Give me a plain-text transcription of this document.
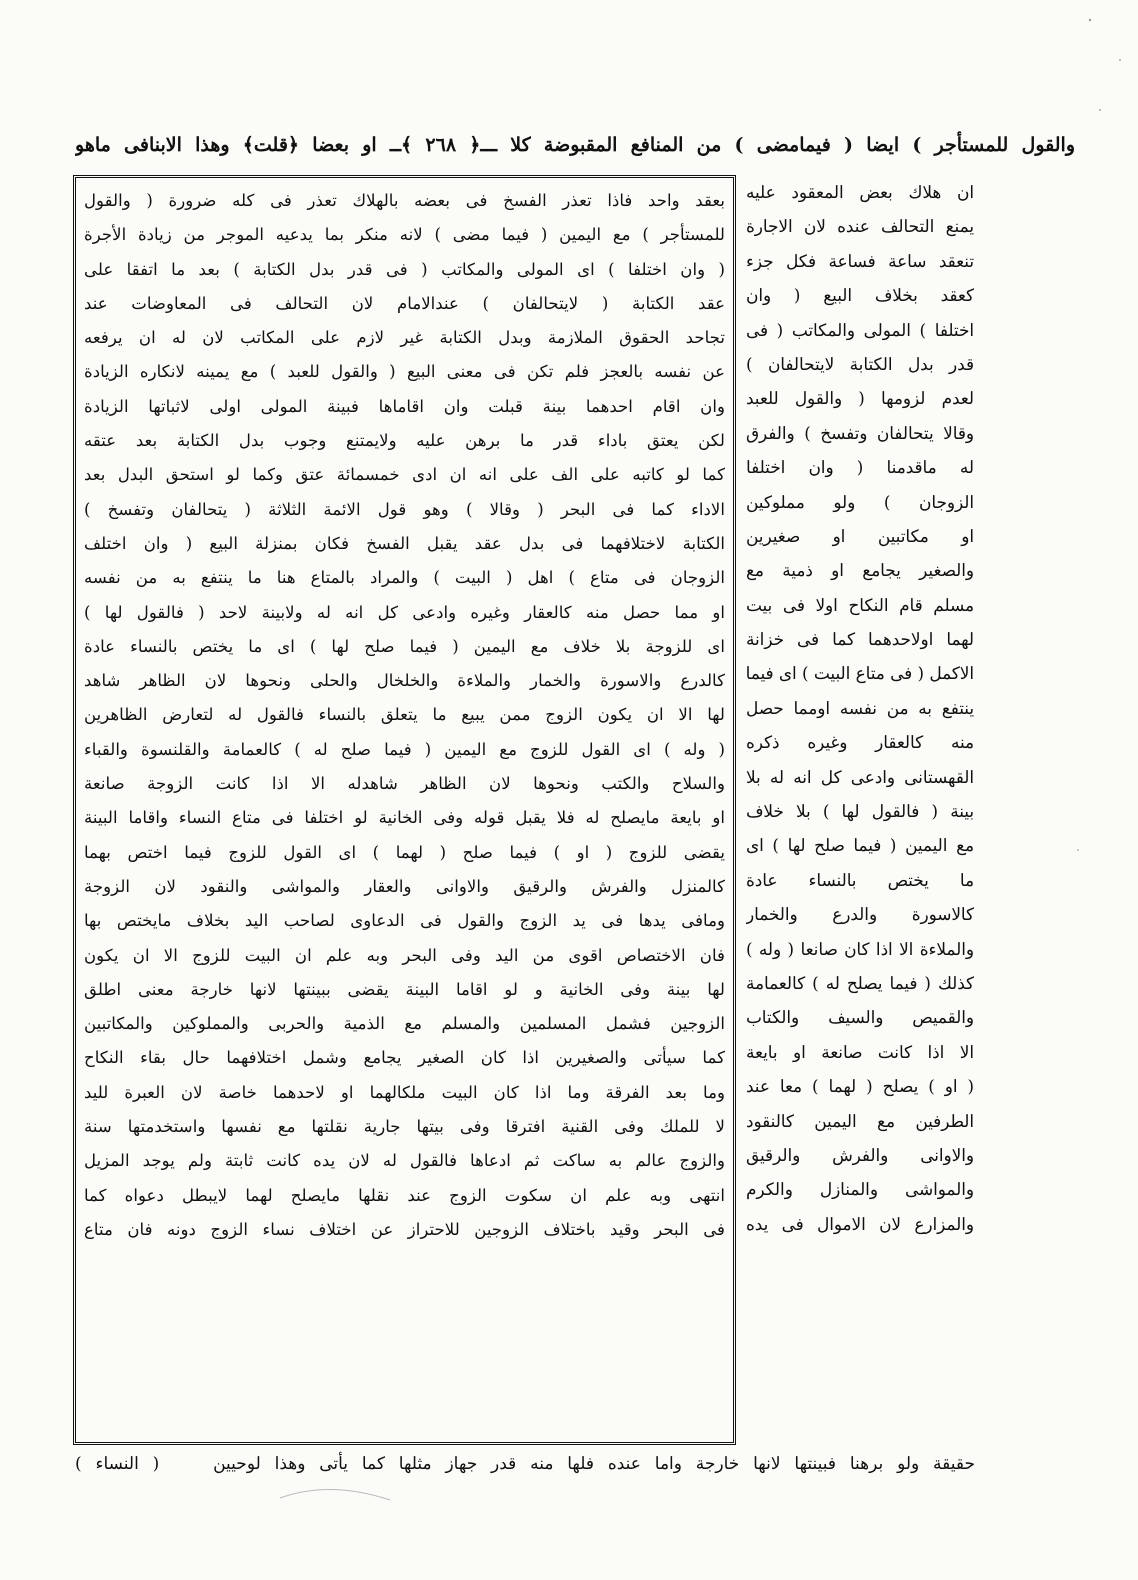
والقول للمستأجر ) ايضا ( فيمامضى ) من المنافع المقبوضة كلا ـــ﴿ ٢٦٨ ﴾ــ او بعضا ﴿قلت﴾ وهذا الابنافى ماهو
ان هلاك بعض المعقود عليه
يمنع التحالف عنده لان الاجارة
تنعقد ساعة فساعة فكل جزء
كعقد بخلاف البيع ( وان
اختلفا ) المولى والمكاتب ( فى
قدر بدل الكتابة لايتحالفان )
لعدم لزومها ( والقول للعبد
وقالا يتحالفان وتفسخ ) والفرق
له ماقدمنا ( وان اختلفا
الزوجان ) ولو مملوكين
او مكاتبين او صغيرين
والصغير يجامع او ذمية مع
مسلم قام النكاح اولا فى بيت
لهما اولاحدهما كما فى خزانة
الاكمل ( فى متاع البيت ) اى فيما
ينتفع به من نفسه اومما حصل
منه كالعقار وغيره ذكره
القهستانى وادعى كل انه له بلا
بينة ( فالقول لها ) بلا خلاف
مع اليمين ( فيما صلح لها ) اى
ما يختص بالنساء عادة
كالاسورة والدرع والخمار
والملاءة الا اذا كان صانعا ( وله )
كذلك ( فيما يصلح له ) كالعمامة
والقميص والسيف والكتاب
الا اذا كانت صانعة او بايعة
( او ) يصلح ( لهما ) معا عند
الطرفين مع اليمين كالنقود
والاوانى والفرش والرقيق
والمواشى والمنازل والكرم
والمزارع لان الاموال فى يده
بعقد واحد فاذا تعذر الفسخ فى بعضه بالهلاك تعذر فى كله ضرورة ( والقول
للمستأجر ) مع اليمين ( فيما مضى ) لانه منكر بما يدعيه الموجر من زيادة الأجرة
( وان اختلفا ) اى المولى والمكاتب ( فى قدر بدل الكتابة ) بعد ما اتفقا على
عقد الكتابة ( لايتحالفان ) عندالامام لان التحالف فى المعاوضات عند
تجاحد الحقوق الملازمة وبدل الكتابة غير لازم على المكاتب لان له ان يرفعه
عن نفسه بالعجز فلم تكن فى معنى البيع ( والقول للعبد ) مع يمينه لانكاره الزيادة
وان اقام احدهما بينة قبلت وان اقاماها فبينة المولى اولى لاثباتها الزيادة
لكن يعتق باداء قدر ما برهن عليه ولايمتنع وجوب بدل الكتابة بعد عتقه
كما لو كاتبه على الف على انه ان ادى خمسمائة عتق وكما لو استحق البدل بعد
الاداء كما فى البحر ( وقالا ) وهو قول الائمة الثلاثة ( يتحالفان وتفسخ )
الكتابة لاختلافهما فى بدل عقد يقبل الفسخ فكان بمنزلة البيع ( وان اختلف
الزوجان فى متاع ) اهل ( البيت ) والمراد بالمتاع هنا ما ينتفع به من نفسه
او مما حصل منه كالعقار وغيره وادعى كل انه له ولابينة لاحد ( فالقول لها )
اى للزوجة بلا خلاف مع اليمين ( فيما صلح لها ) اى ما يختص بالنساء عادة
كالدرع والاسورة والخمار والملاءة والخلخال والحلى ونحوها لان الظاهر شاهد
لها الا ان يكون الزوج ممن يبيع ما يتعلق بالنساء فالقول له لتعارض الظاهرين
( وله ) اى القول للزوج مع اليمين ( فيما صلح له ) كالعمامة والقلنسوة والقباء
والسلاح والكتب ونحوها لان الظاهر شاهدله الا اذا كانت الزوجة صانعة
او بايعة مايصلح له فلا يقبل قوله وفى الخانية لو اختلفا فى متاع النساء واقاما البينة
يقضى للزوج ( او ) فيما صلح ( لهما ) اى القول للزوج فيما اختص بهما
كالمنزل والفرش والرقيق والاوانى والعقار والمواشى والنقود لان الزوجة
ومافى يدها فى يد الزوج والقول فى الدعاوى لصاحب اليد بخلاف مايختص بها
فان الاختصاص اقوى من اليد وفى البحر وبه علم ان البيت للزوج الا ان يكون
لها بينة وفى الخانية و لو اقاما البينة يقضى ببينتها لانها خارجة معنى اطلق
الزوجين فشمل المسلمين والمسلم مع الذمية والحربى والمملوكين والمكاتبين
كما سيأتى والصغيرين اذا كان الصغير يجامع وشمل اختلافهما حال بقاء النكاح
وما بعد الفرقة وما اذا كان البيت ملكالهما او لاحدهما خاصة لان العبرة لليد
لا للملك وفى القنية افترقا وفى بيتها جارية نقلتها مع نفسها واستخدمتها سنة
والزوج عالم به ساكت ثم ادعاها فالقول له لان يده كانت ثابتة ولم يوجد المزيل
انتهى وبه علم ان سكوت الزوج عند نقلها مايصلح لهما لايبطل دعواه كما
فى البحر وقيد باختلاف الزوجين للاحتراز عن اختلاف نساء الزوج دونه فان متاع
حقيقة ولو برهنا فبينتها لانها خارجة واما عنده فلها منه قدر جهاز مثلها كما يأتى وهذا لوحيين ( النساء )
